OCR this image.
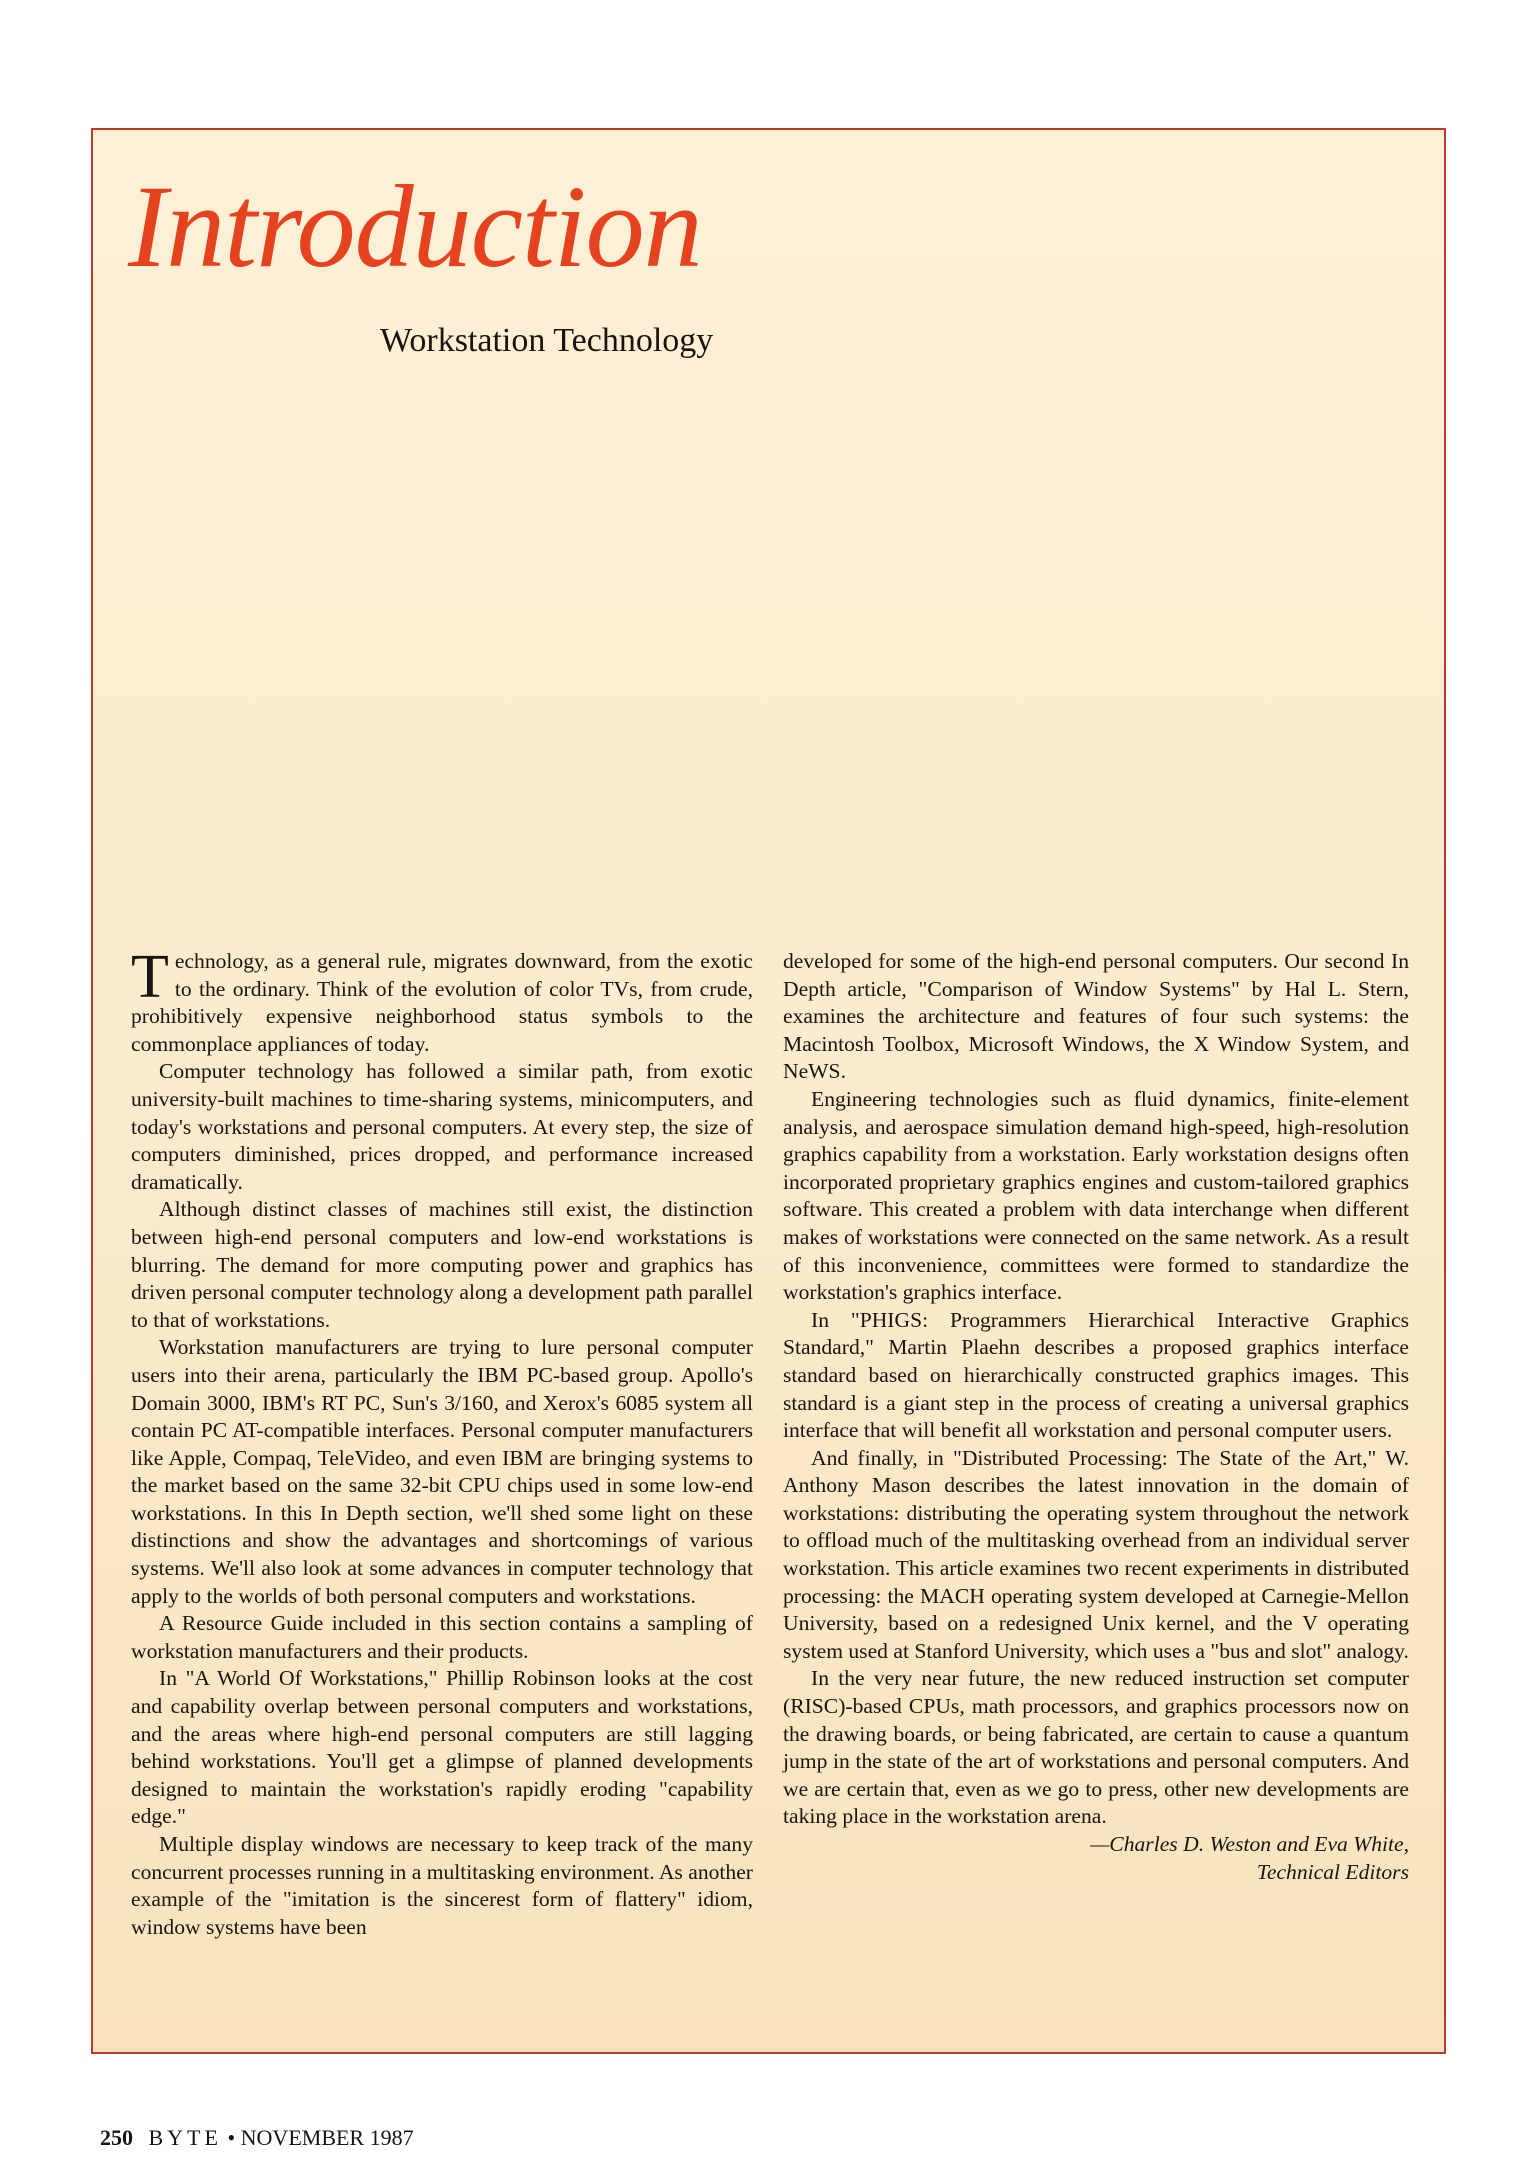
Introduction
Workstation Technology

Technology, as a general rule, migrates downward, from the exotic to the ordinary. Think of the evolution of color TVs, from crude, prohibitively expensive neighborhood status symbols to the commonplace appliances of today.

Computer technology has followed a similar path, from exotic university-built machines to time-sharing systems, minicomputers, and today's workstations and personal computers. At every step, the size of computers diminished, prices dropped, and performance increased dramatically.

Although distinct classes of machines still exist, the distinction between high-end personal computers and low-end workstations is blurring. The demand for more computing power and graphics has driven personal computer technology along a development path parallel to that of workstations.

Workstation manufacturers are trying to lure personal computer users into their arena, particularly the IBM PC-based group. Apollo's Domain 3000, IBM's RT PC, Sun's 3/160, and Xerox's 6085 system all contain PC AT-compatible interfaces. Personal computer manufacturers like Apple, Compaq, TeleVideo, and even IBM are bringing systems to the market based on the same 32-bit CPU chips used in some low-end workstations. In this In Depth section, we'll shed some light on these distinctions and show the advantages and shortcomings of various systems. We'll also look at some advances in computer technology that apply to the worlds of both personal computers and workstations.

A Resource Guide included in this section contains a sampling of workstation manufacturers and their products.

In "A World Of Workstations," Phillip Robinson looks at the cost and capability overlap between personal computers and workstations, and the areas where high-end personal computers are still lagging behind workstations. You'll get a glimpse of planned developments designed to maintain the workstation's rapidly eroding "capability edge."

Multiple display windows are necessary to keep track of the many concurrent processes running in a multitasking environment. As another example of the "imitation is the sincerest form of flattery" idiom, window systems have been

developed for some of the high-end personal computers. Our second In Depth article, "Comparison of Window Systems" by Hal L. Stern, examines the architecture and features of four such systems: the Macintosh Toolbox, Microsoft Windows, the X Window System, and NeWS.

Engineering technologies such as fluid dynamics, finite-element analysis, and aerospace simulation demand high-speed, high-resolution graphics capability from a workstation. Early workstation designs often incorporated proprietary graphics engines and custom-tailored graphics software. This created a problem with data interchange when different makes of workstations were connected on the same network. As a result of this inconvenience, committees were formed to standardize the workstation's graphics interface.

In "PHIGS: Programmers Hierarchical Interactive Graphics Standard," Martin Plaehn describes a proposed graphics interface standard based on hierarchically constructed graphics images. This standard is a giant step in the process of creating a universal graphics interface that will benefit all workstation and personal computer users.

And finally, in "Distributed Processing: The State of the Art," W. Anthony Mason describes the latest innovation in the domain of workstations: distributing the operating system throughout the network to offload much of the multitasking overhead from an individual server workstation. This article examines two recent experiments in distributed processing: the MACH operating system developed at Carnegie-Mellon University, based on a redesigned Unix kernel, and the V operating system used at Stanford University, which uses a "bus and slot" analogy.

In the very near future, the new reduced instruction set computer (RISC)-based CPUs, math processors, and graphics processors now on the drawing boards, or being fabricated, are certain to cause a quantum jump in the state of the art of workstations and personal computers. And we are certain that, even as we go to press, other new developments are taking place in the workstation arena.

—Charles D. Weston and Eva White,
Technical Editors
250 BYTE • NOVEMBER 1987
